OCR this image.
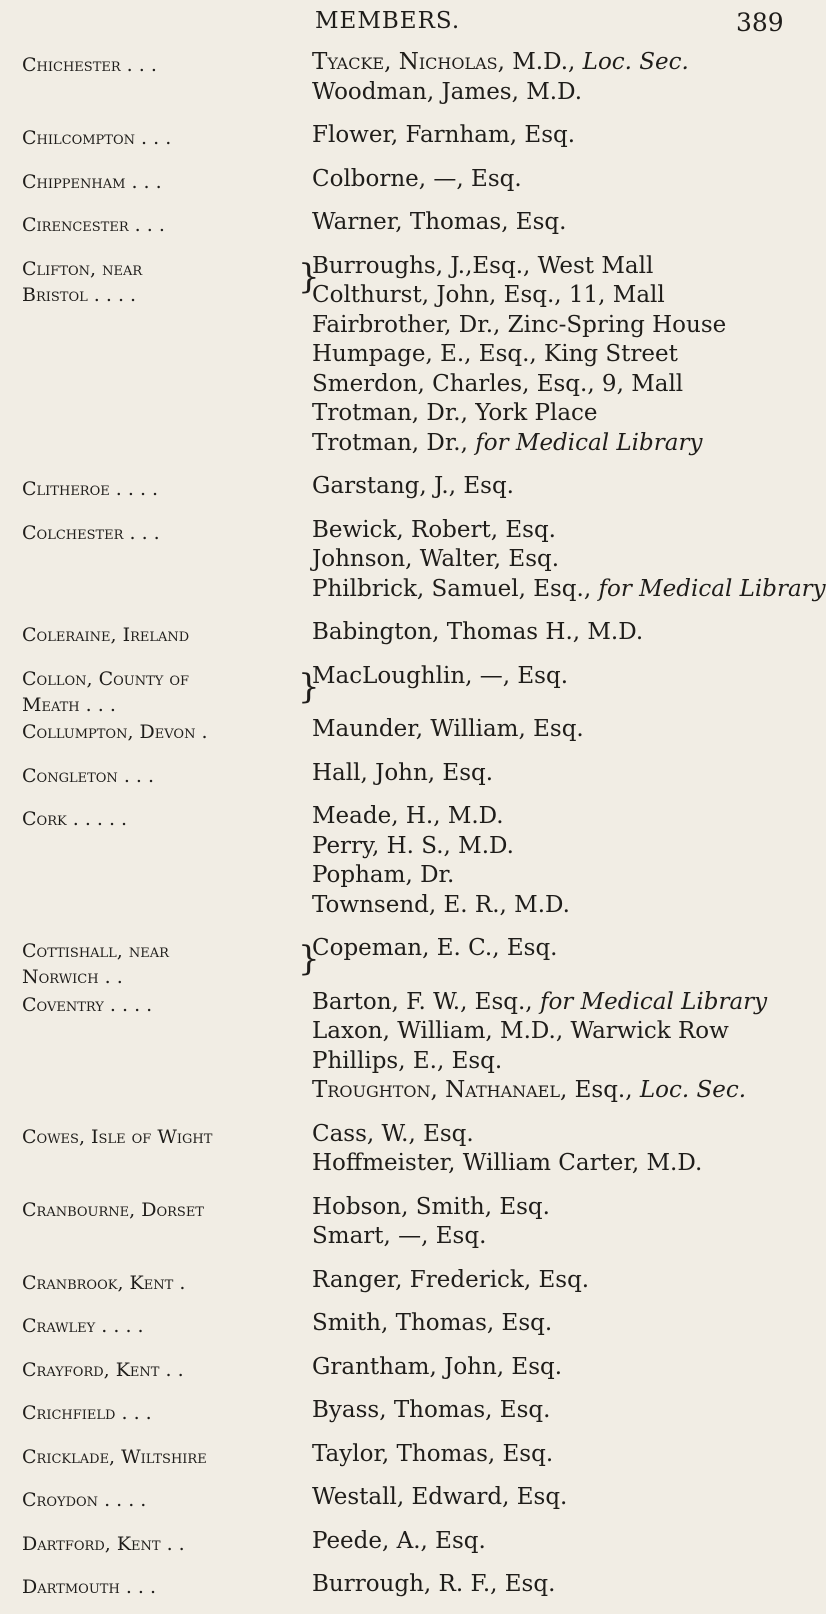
MEMBERS.	389
Chichester . . .	Tyacke, Nicholas, M.D., Loc. Sec.
Woodman, James, M.D.
Chilcompton . . .	Flower, Farnham, Esq.
Chippenham . . .	Colborne, —, Esq.
Cirencester . . .	Warner, Thomas, Esq.
Clifton, near
Bristol . . . .	}
Burroughs, J.,Esq., West Mall
Colthurst, John, Esq., 11, Mall
Fairbrother, Dr., Zinc-Spring House
Humpage, E., Esq., King Street
Smerdon, Charles, Esq., 9, Mall
Trotman, Dr., York Place
Trotman, Dr., for Medical Library
Clitheroe . . . .	Garstang, J., Esq.
Colchester . . .	Bewick, Robert, Esq.
Johnson, Walter, Esq.
Philbrick, Samuel, Esq., for Medical Library
Coleraine, Ireland	Babington, Thomas H., M.D.
Collon, County of
Meath . . .	}
MacLoughlin, —, Esq.
Collumpton, Devon .	Maunder, William, Esq.
Congleton . . .	Hall, John, Esq.
Cork . . . . .	Meade, H., M.D.
Perry, H. S., M.D.
Popham, Dr.
Townsend, E. R., M.D.
Cottishall, near
Norwich . .	}
Copeman, E. C., Esq.
Coventry . . . .	Barton, F. W., Esq., for Medical Library
Laxon, William, M.D., Warwick Row
Phillips, E., Esq.
Troughton, Nathanael, Esq., Loc. Sec.
Cowes, Isle of Wight	Cass, W., Esq.
Hoffmeister, William Carter, M.D.
Cranbourne, Dorset	Hobson, Smith, Esq.
Smart, —, Esq.
Cranbrook, Kent .	Ranger, Frederick, Esq.
Crawley . . . .	Smith, Thomas, Esq.
Crayford, Kent . .	Grantham, John, Esq.
Crichfield . . .	Byass, Thomas, Esq.
Crickladе, Wiltshire	Taylor, Thomas, Esq.
Croydon . . . .	Westall, Edward, Esq.
Dartford, Kent . .	Peede, A., Esq.
Dartmouth . . .	Burrough, R. F., Esq.
